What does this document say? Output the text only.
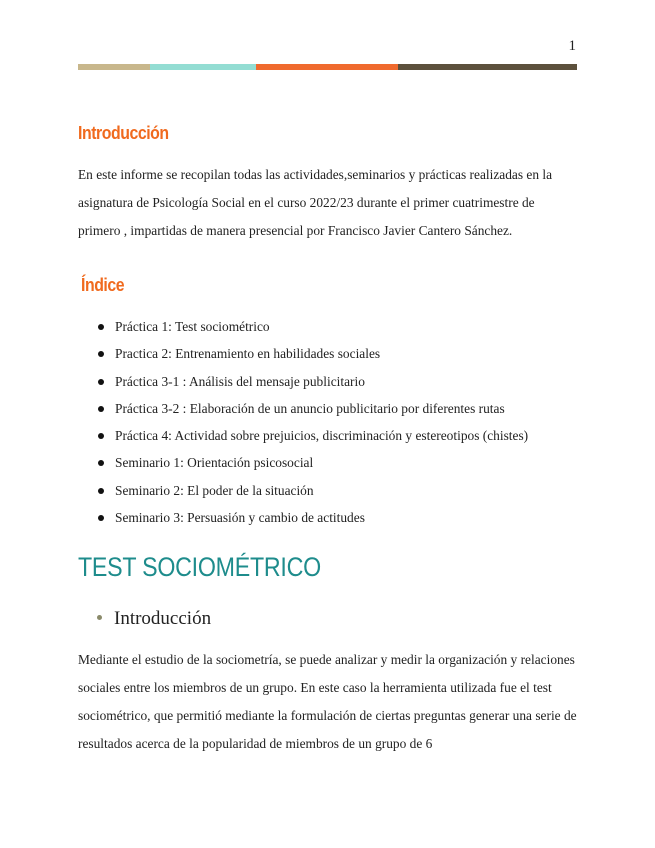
1
Introducción
En este informe se recopilan todas las actividades,seminarios y prácticas realizadas en la asignatura de Psicología Social en el curso 2022/23 durante el primer cuatrimestre de primero , impartidas de manera presencial por Francisco Javier Cantero Sánchez.
Índice
Práctica 1: Test sociométrico
Practica 2: Entrenamiento en habilidades sociales
Práctica 3-1 : Análisis del mensaje publicitario
Práctica 3-2 : Elaboración de un anuncio publicitario por diferentes rutas
Práctica 4: Actividad sobre prejuicios, discriminación y estereotipos (chistes)
Seminario 1: Orientación psicosocial
Seminario 2: El poder de la situación
Seminario 3: Persuasión y cambio de actitudes
TEST SOCIOMÉTRICO
Introducción
Mediante el estudio de la sociometría, se puede analizar y medir la organización y relaciones sociales entre los miembros de un grupo. En este caso la herramienta utilizada fue el test sociométrico, que permitió mediante la formulación de ciertas preguntas generar una serie de resultados acerca de la popularidad de miembros de un grupo de 6
